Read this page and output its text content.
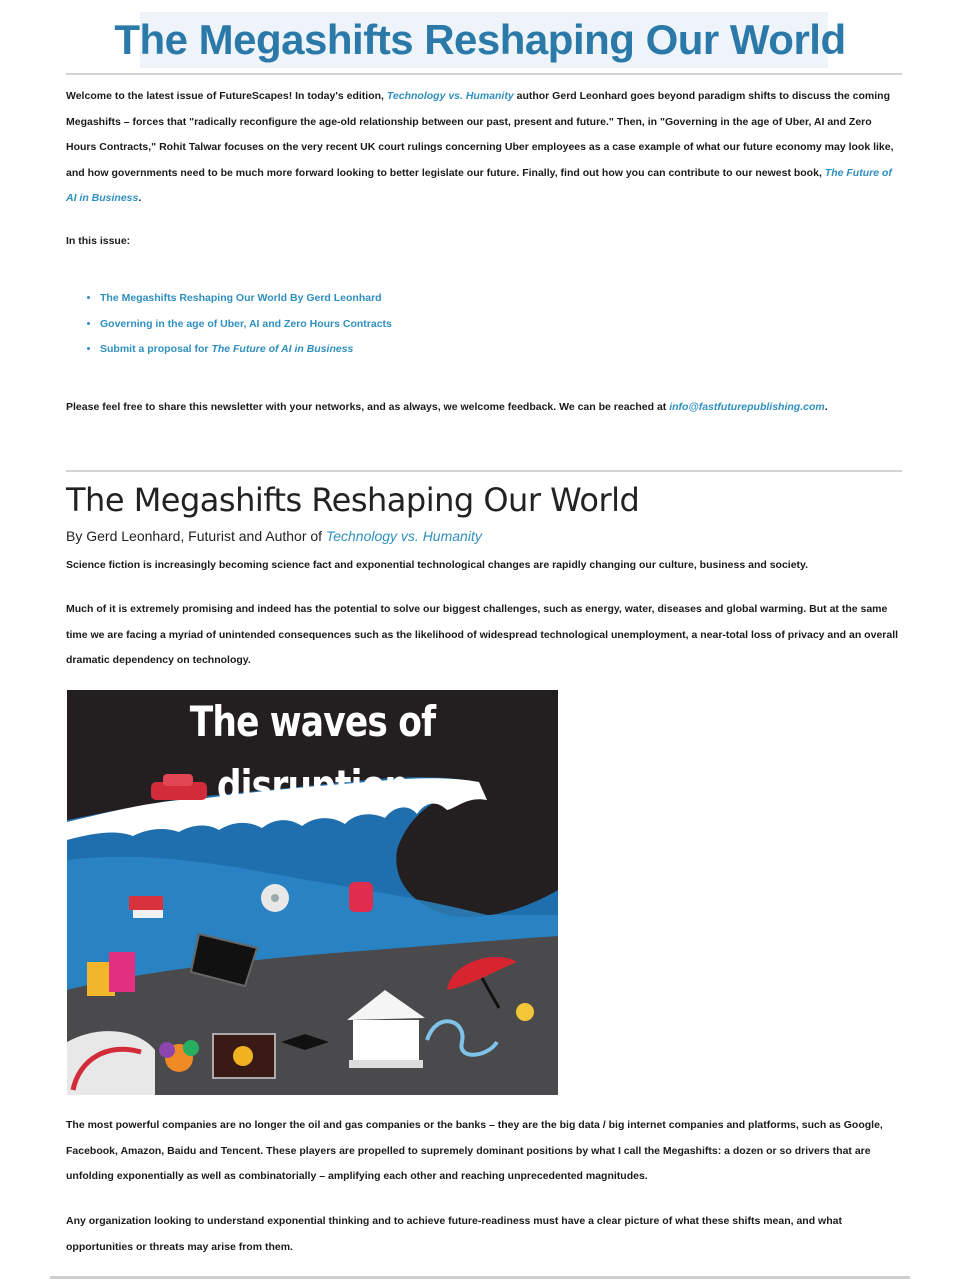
The Megashifts Reshaping Our World
Welcome to the latest issue of FutureScapes! In today's edition, Technology vs. Humanity author Gerd Leonhard goes beyond paradigm shifts to discuss the coming Megashifts – forces that "radically reconfigure the age-old relationship between our past, present and future." Then, in "Governing in the age of Uber, AI and Zero Hours Contracts," Rohit Talwar focuses on the very recent UK court rulings concerning Uber employees as a case example of what our future economy may look like, and how governments need to be much more forward looking to better legislate our future. Finally, find out how you can contribute to our newest book, The Future of AI in Business.
In this issue:
• The Megashifts Reshaping Our World By Gerd Leonhard
• Governing in the age of Uber, AI and Zero Hours Contracts
• Submit a proposal for The Future of AI in Business
Please feel free to share this newsletter with your networks, and as always, we welcome feedback. We can be reached at info@fastfuturepublishing.com.
The Megashifts Reshaping Our World
By Gerd Leonhard, Futurist and Author of Technology vs. Humanity
Science fiction is increasingly becoming science fact and exponential technological changes are rapidly changing our culture, business and society.
Much of it is extremely promising and indeed has the potential to solve our biggest challenges, such as energy, water, diseases and global warming. But at the same time we are facing a myriad of unintended consequences such as the likelihood of widespread technological unemployment, a near-total loss of privacy and an overall dramatic dependency on technology.
The waves of disruption
The most powerful companies are no longer the oil and gas companies or the banks – they are the big data / big internet companies and platforms, such as Google, Facebook, Amazon, Baidu and Tencent. These players are propelled to supremely dominant positions by what I call the Megashifts: a dozen or so drivers that are unfolding exponentially as well as combinatorially – amplifying each other and reaching unprecedented magnitudes.
Any organization looking to understand exponential thinking and to achieve future-readiness must have a clear picture of what these shifts mean, and what opportunities or threats may arise from them.
